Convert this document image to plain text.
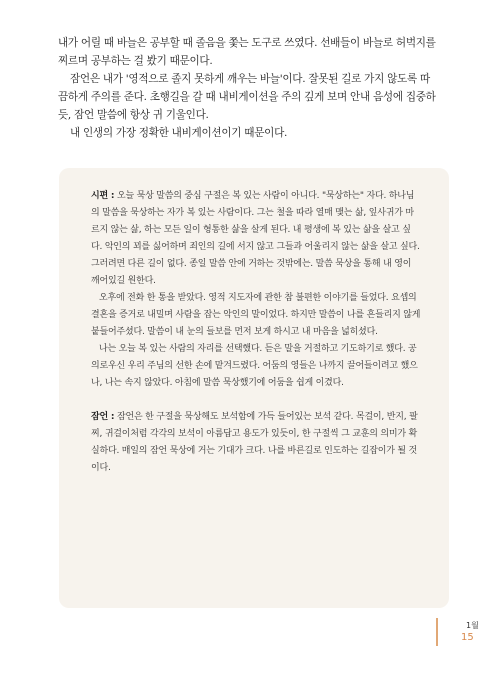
내가 어릴 때 바늘은 공부할 때 졸음을 쫓는 도구로 쓰였다. 선배들이 바늘로 허벅지를 찌르며 공부하는 걸 봤기 때문이다.

잠언은 내가 '영적으로 졸지 못하게 깨우는 바늘'이다. 잘못된 길로 가지 않도록 따끔하게 주의를 준다. 초행길을 갈 때 내비게이션을 주의 깊게 보며 안내 음성에 집중하듯, 잠언 말씀에 항상 귀 기울인다.

내 인생의 가장 정확한 내비게이션이기 때문이다.

시편 : 오늘 묵상 말씀의 중심 구절은 복 있는 사람이 아니다. "묵상하는" 자다. 하나님의 말씀을 묵상하는 자가 복 있는 사람이다. 그는 철을 따라 열매 맺는 삶, 잎사귀가 마르지 않는 삶, 하는 모든 일이 형통한 삶을 살게 된다. 내 평생에 복 있는 삶을 살고 싶다. 악인의 꾀를 싫어하며 죄인의 길에 서지 않고 그들과 어울리지 않는 삶을 살고 싶다. 그러려면 다른 길이 없다. 종일 말씀 안에 거하는 것밖에는. 말씀 묵상을 통해 내 영이 깨어있길 원한다.

오후에 전화 한 통을 받았다. 영적 지도자에 관한 참 불편한 이야기를 들었다. 요셉의 결혼을 증거로 내밀며 사람을 잡는 악인의 말이었다. 하지만 말씀이 나를 흔들리지 않게 붙들어주셨다. 말씀이 내 눈의 들보를 먼저 보게 하시고 내 마음을 넓히셨다.

나는 오늘 복 있는 사람의 자리를 선택했다. 듣은 말을 거절하고 기도하기로 했다. 공의로우신 우리 주님의 선한 손에 맡겨드렸다. 어둠의 영들은 나까지 끌어들이려고 했으나, 나는 속지 않았다. 아침에 말씀 묵상했기에 어둠을 쉽게 이겼다.

잠언 : 잠언은 한 구절을 묵상해도 보석함에 가득 들어있는 보석 같다. 목걸이, 반지, 팔찌, 귀걸이처럼 각각의 보석이 아름답고 용도가 있듯이, 한 구절씩 그 교훈의 의미가 확실하다. 매일의 잠언 묵상에 거는 기대가 크다. 나를 바른길로 인도하는 길잡이가 될 것이다.

1월
15
